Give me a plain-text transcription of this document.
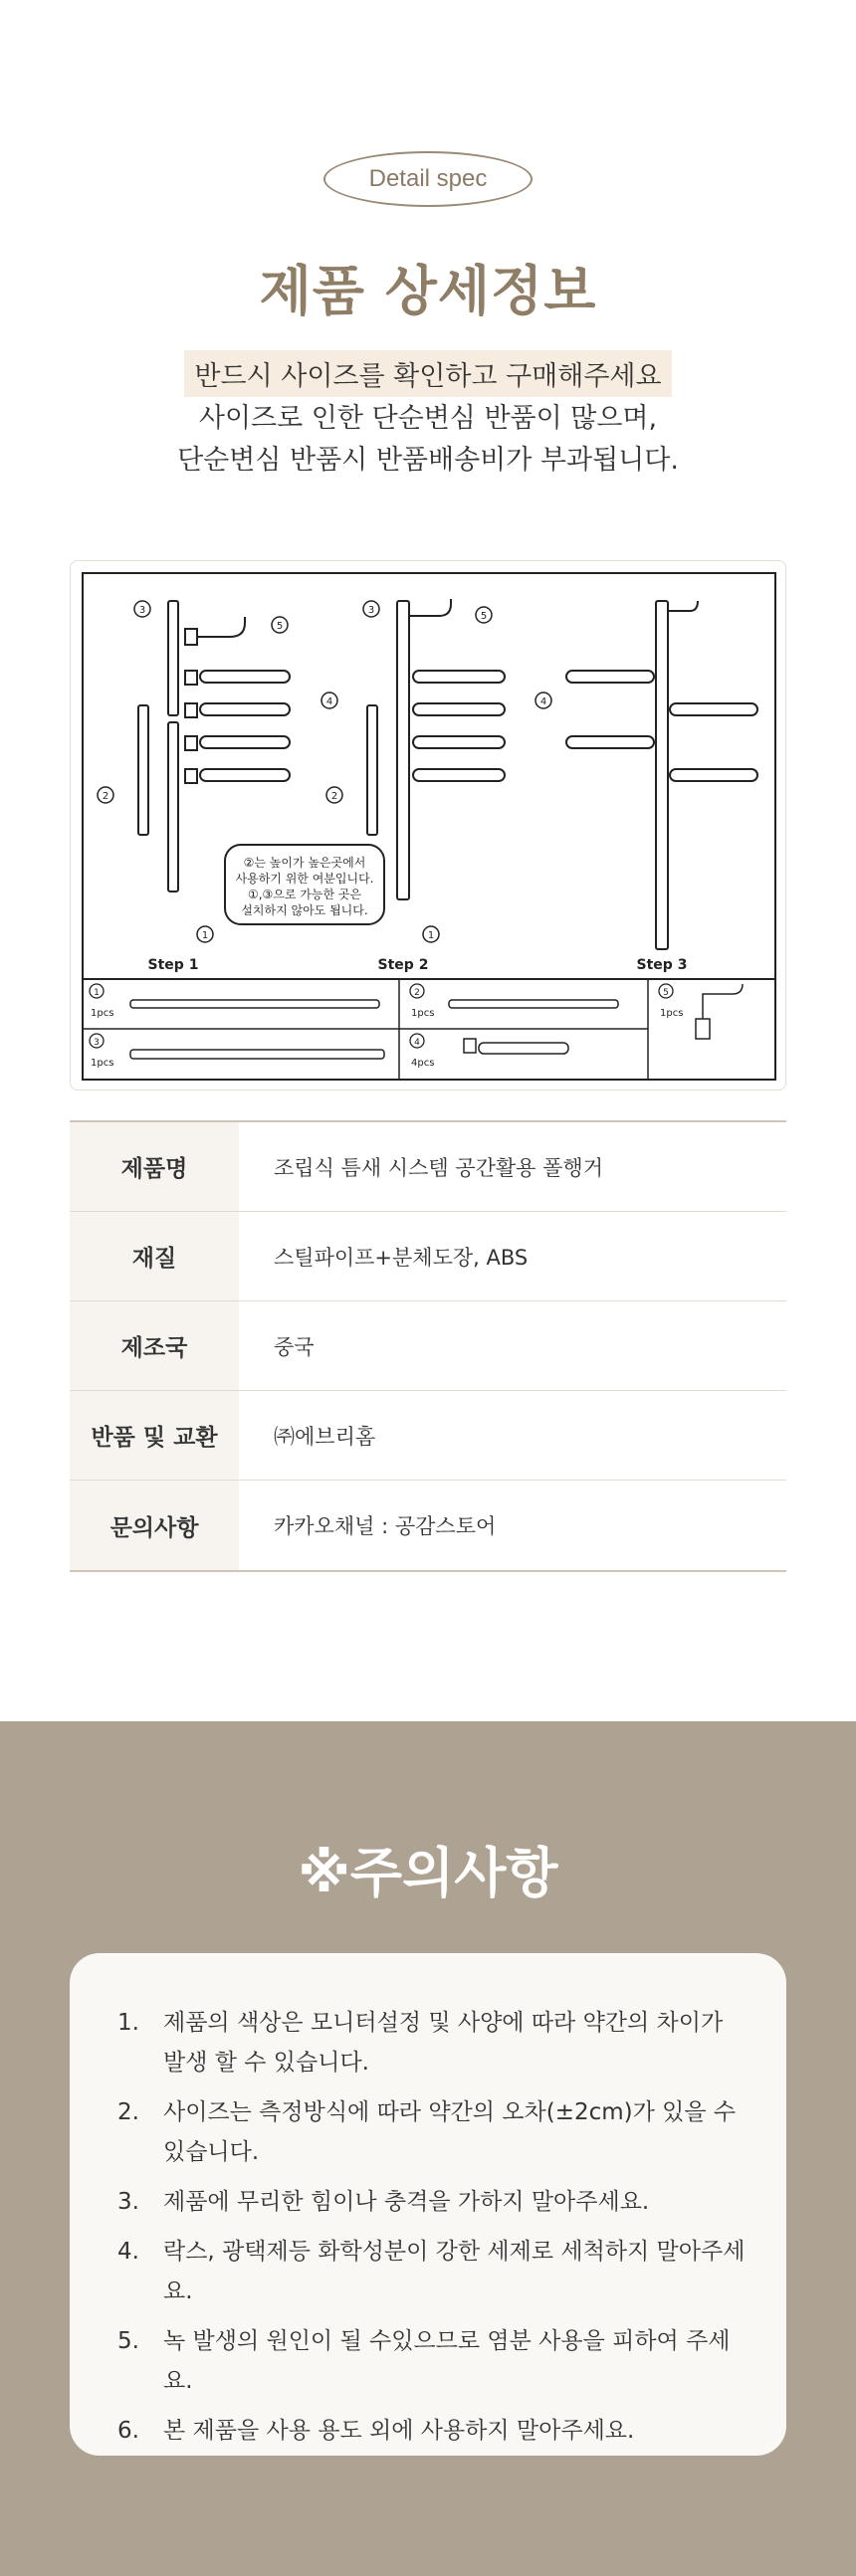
Detail spec
제품 상세정보
반드시 사이즈를 확인하고 구매해주세요
사이즈로 인한 단순변심 반품이 많으며,
단순변심 반품시 반품배송비가 부과됩니다.
3
5
4
2
1
②는 높이가 높은곳에서
사용하기 위한 여분입니다.
①,③으로 가능한 곳은
설치하지 않아도 됩니다.
3
5
4
2
1
Step 1	Step 2	Step 3
1
1pcs
2
1pcs
5
1pcs
3
1pcs
4
4pcs
제품명	조립식 틈새 시스템 공간활용 폴행거
재질	스틸파이프+분체도장, ABS
제조국	중국
반품 및 교환	㈜에브리홈
문의사항	카카오채널 : 공감스토어
※주의사항
1.	제품의 색상은 모니터설정 및 사양에 따라 약간의 차이가 발생 할 수 있습니다.
2.	사이즈는 측정방식에 따라 약간의 오차(±2cm)가 있을 수 있습니다.
3.	제품에 무리한 힘이나 충격을 가하지 말아주세요.
4.	락스, 광택제등 화학성분이 강한 세제로 세척하지 말아주세요.
5.	녹 발생의 원인이 될 수있으므로 염분 사용을 피하여 주세요.
6.	본 제품을 사용 용도 외에 사용하지 말아주세요.
